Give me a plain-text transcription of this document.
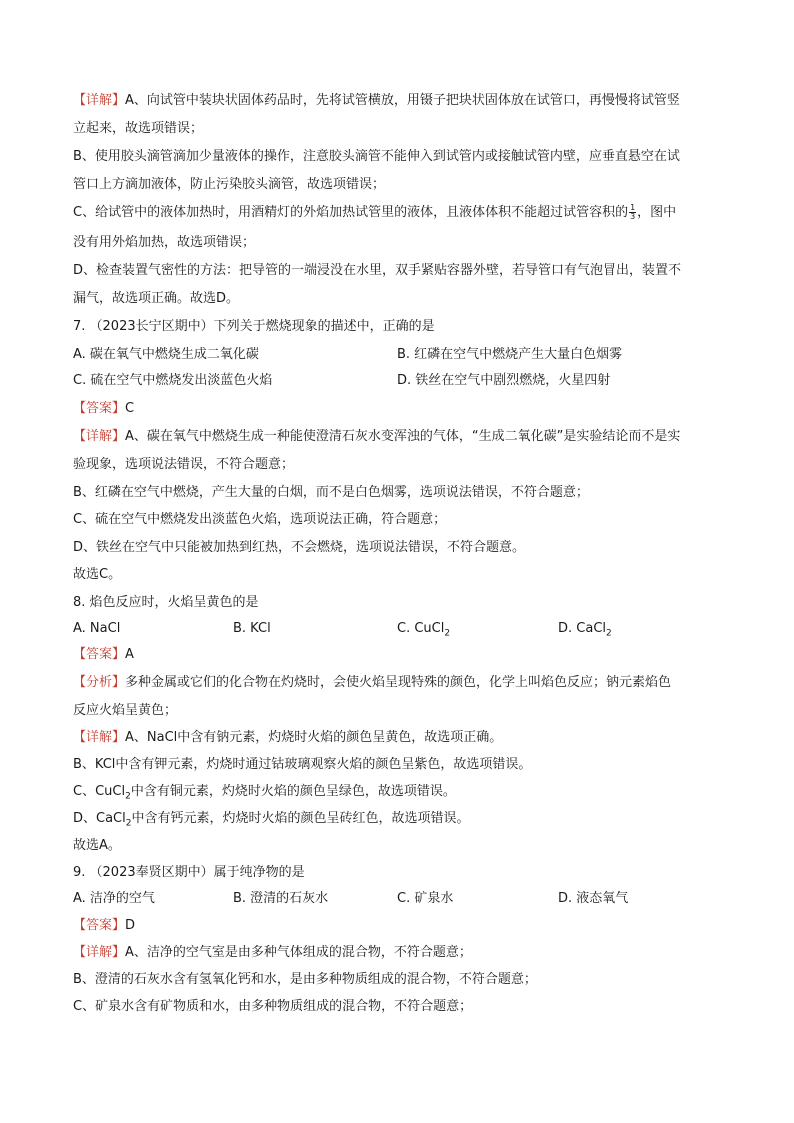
【详解】A、向试管中装块状固体药品时，先将试管横放，用镊子把块状固体放在试管口，再慢慢将试管竖
立起来，故选项错误；
B、使用胶头滴管滴加少量液体的操作，注意胶头滴管不能伸入到试管内或接触试管内壁，应垂直悬空在试
管口上方滴加液体，防止污染胶头滴管，故选项错误；
C、给试管中的液体加热时，用酒精灯的外焰加热试管里的液体，且液体体积不能超过试管容积的 $\frac{1}{3}$ ，图中
没有用外焰加热，故选项错误；
D、检查装置气密性的方法：把导管的一端浸没在水里，双手紧贴容器外壁，若导管口有气泡冒出，装置不
漏气，故选项正确。故选D。
7. （2023长宁区期中）下列关于燃烧现象的描述中，正确的是
A. 碳在氧气中燃烧生成二氧化碳	B. 红磷在空气中燃烧产生大量白色烟雾
C. 硫在空气中燃烧发出淡蓝色火焰	D. 铁丝在空气中剧烈燃烧，火星四射
【答案】C
【详解】A、碳在氧气中燃烧生成一种能使澄清石灰水变浑浊的气体，“生成二氧化碳”是实验结论而不是实
验现象，选项说法错误，不符合题意；
B、红磷在空气中燃烧，产生大量的白烟，而不是白色烟雾，选项说法错误，不符合题意；
C、硫在空气中燃烧发出淡蓝色火焰，选项说法正确，符合题意；
D、铁丝在空气中只能被加热到红热，不会燃烧，选项说法错误，不符合题意。
故选C。
8. 焰色反应时，火焰呈黄色的是
A. NaCl	B. KCl	C. CuCl$_2$	D. CaCl$_2$
【答案】A
【分析】多种金属或它们的化合物在灼烧时，会使火焰呈现特殊的颜色，化学上叫焰色反应；钠元素焰色
反应火焰呈黄色；
【详解】A、NaCl中含有钠元素，灼烧时火焰的颜色呈黄色，故选项正确。
B、KCl中含有钾元素，灼烧时通过钴玻璃观察火焰的颜色呈紫色，故选项错误。
C、CuCl$_2$中含有铜元素，灼烧时火焰的颜色呈绿色，故选项错误。
D、CaCl$_2$中含有钙元素，灼烧时火焰的颜色呈砖红色，故选项错误。
故选A。
9. （2023奉贤区期中）属于纯净物的是
A. 洁净的空气	B. 澄清的石灰水	C. 矿泉水	D. 液态氧气
【答案】D
【详解】A、洁净的空气室是由多种气体组成的混合物，不符合题意；
B、澄清的石灰水含有氢氧化钙和水，是由多种物质组成的混合物，不符合题意；
C、矿泉水含有矿物质和水，由多种物质组成的混合物，不符合题意；
